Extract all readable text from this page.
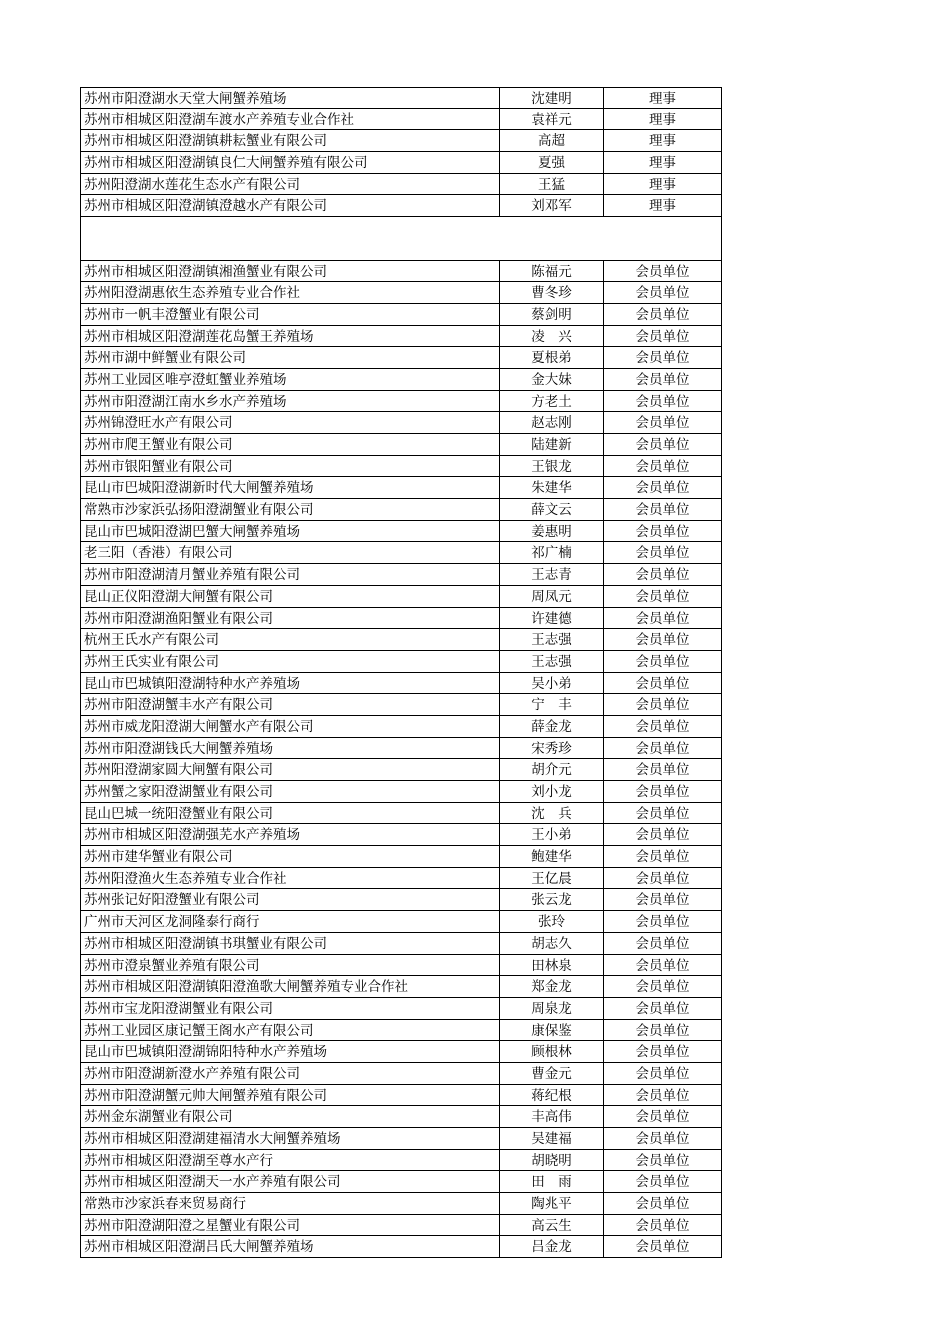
苏州市阳澄湖水天堂大闸蟹养殖场	沈建明	理事
苏州市相城区阳澄湖车渡水产养殖专业合作社	袁祥元	理事
苏州市相城区阳澄湖镇耕耘蟹业有限公司	高超	理事
苏州市相城区阳澄湖镇良仁大闸蟹养殖有限公司	夏强	理事
苏州阳澄湖水莲花生态水产有限公司	王猛	理事
苏州市相城区阳澄湖镇澄越水产有限公司	刘邓军	理事
苏州市相城区阳澄湖镇湘渔蟹业有限公司	陈福元	会员单位
苏州阳澄湖惠依生态养殖专业合作社	曹冬珍	会员单位
苏州市一帆丰澄蟹业有限公司	蔡剑明	会员单位
苏州市相城区阳澄湖莲花岛蟹王养殖场	凌　兴	会员单位
苏州市湖中鲜蟹业有限公司	夏根弟	会员单位
苏州工业园区唯亭澄虹蟹业养殖场	金大妹	会员单位
苏州市阳澄湖江南水乡水产养殖场	方老土	会员单位
苏州锦澄旺水产有限公司	赵志刚	会员单位
苏州市爬王蟹业有限公司	陆建新	会员单位
苏州市银阳蟹业有限公司	王银龙	会员单位
昆山市巴城阳澄湖新时代大闸蟹养殖场	朱建华	会员单位
常熟市沙家浜弘扬阳澄湖蟹业有限公司	薛文云	会员单位
昆山市巴城阳澄湖巴蟹大闸蟹养殖场	姜惠明	会员单位
老三阳（香港）有限公司	祁广楠	会员单位
苏州市阳澄湖清月蟹业养殖有限公司	王志青	会员单位
昆山正仪阳澄湖大闸蟹有限公司	周凤元	会员单位
苏州市阳澄湖渔阳蟹业有限公司	许建德	会员单位
杭州王氏水产有限公司	王志强	会员单位
苏州王氏实业有限公司	王志强	会员单位
昆山市巴城镇阳澄湖特种水产养殖场	吴小弟	会员单位
苏州市阳澄湖蟹丰水产有限公司	宁　丰	会员单位
苏州市威龙阳澄湖大闸蟹水产有限公司	薛金龙	会员单位
苏州市阳澄湖钱氏大闸蟹养殖场	宋秀珍	会员单位
苏州阳澄湖家圆大闸蟹有限公司	胡介元	会员单位
苏州蟹之家阳澄湖蟹业有限公司	刘小龙	会员单位
昆山巴城一统阳澄蟹业有限公司	沈　兵	会员单位
苏州市相城区阳澄湖强芜水产养殖场	王小弟	会员单位
苏州市建华蟹业有限公司	鲍建华	会员单位
苏州阳澄渔火生态养殖专业合作社	王亿晨	会员单位
苏州张记好阳澄蟹业有限公司	张云龙	会员单位
广州市天河区龙洞隆泰行商行	张玲	会员单位
苏州市相城区阳澄湖镇书琪蟹业有限公司	胡志久	会员单位
苏州市澄泉蟹业养殖有限公司	田林泉	会员单位
苏州市相城区阳澄湖镇阳澄渔歌大闸蟹养殖专业合作社	郑金龙	会员单位
苏州市宝龙阳澄湖蟹业有限公司	周泉龙	会员单位
苏州工业园区康记蟹王阁水产有限公司	康保鉴	会员单位
昆山市巴城镇阳澄湖锦阳特种水产养殖场	顾根林	会员单位
苏州市阳澄湖新澄水产养殖有限公司	曹金元	会员单位
苏州市阳澄湖蟹元帅大闸蟹养殖有限公司	蒋纪根	会员单位
苏州金东湖蟹业有限公司	丰高伟	会员单位
苏州市相城区阳澄湖建福清水大闸蟹养殖场	吴建福	会员单位
苏州市相城区阳澄湖至尊水产行	胡晓明	会员单位
苏州市相城区阳澄湖天一水产养殖有限公司	田　雨	会员单位
常熟市沙家浜春来贸易商行	陶兆平	会员单位
苏州市阳澄湖阳澄之星蟹业有限公司	高云生	会员单位
苏州市相城区阳澄湖吕氏大闸蟹养殖场	吕金龙	会员单位
